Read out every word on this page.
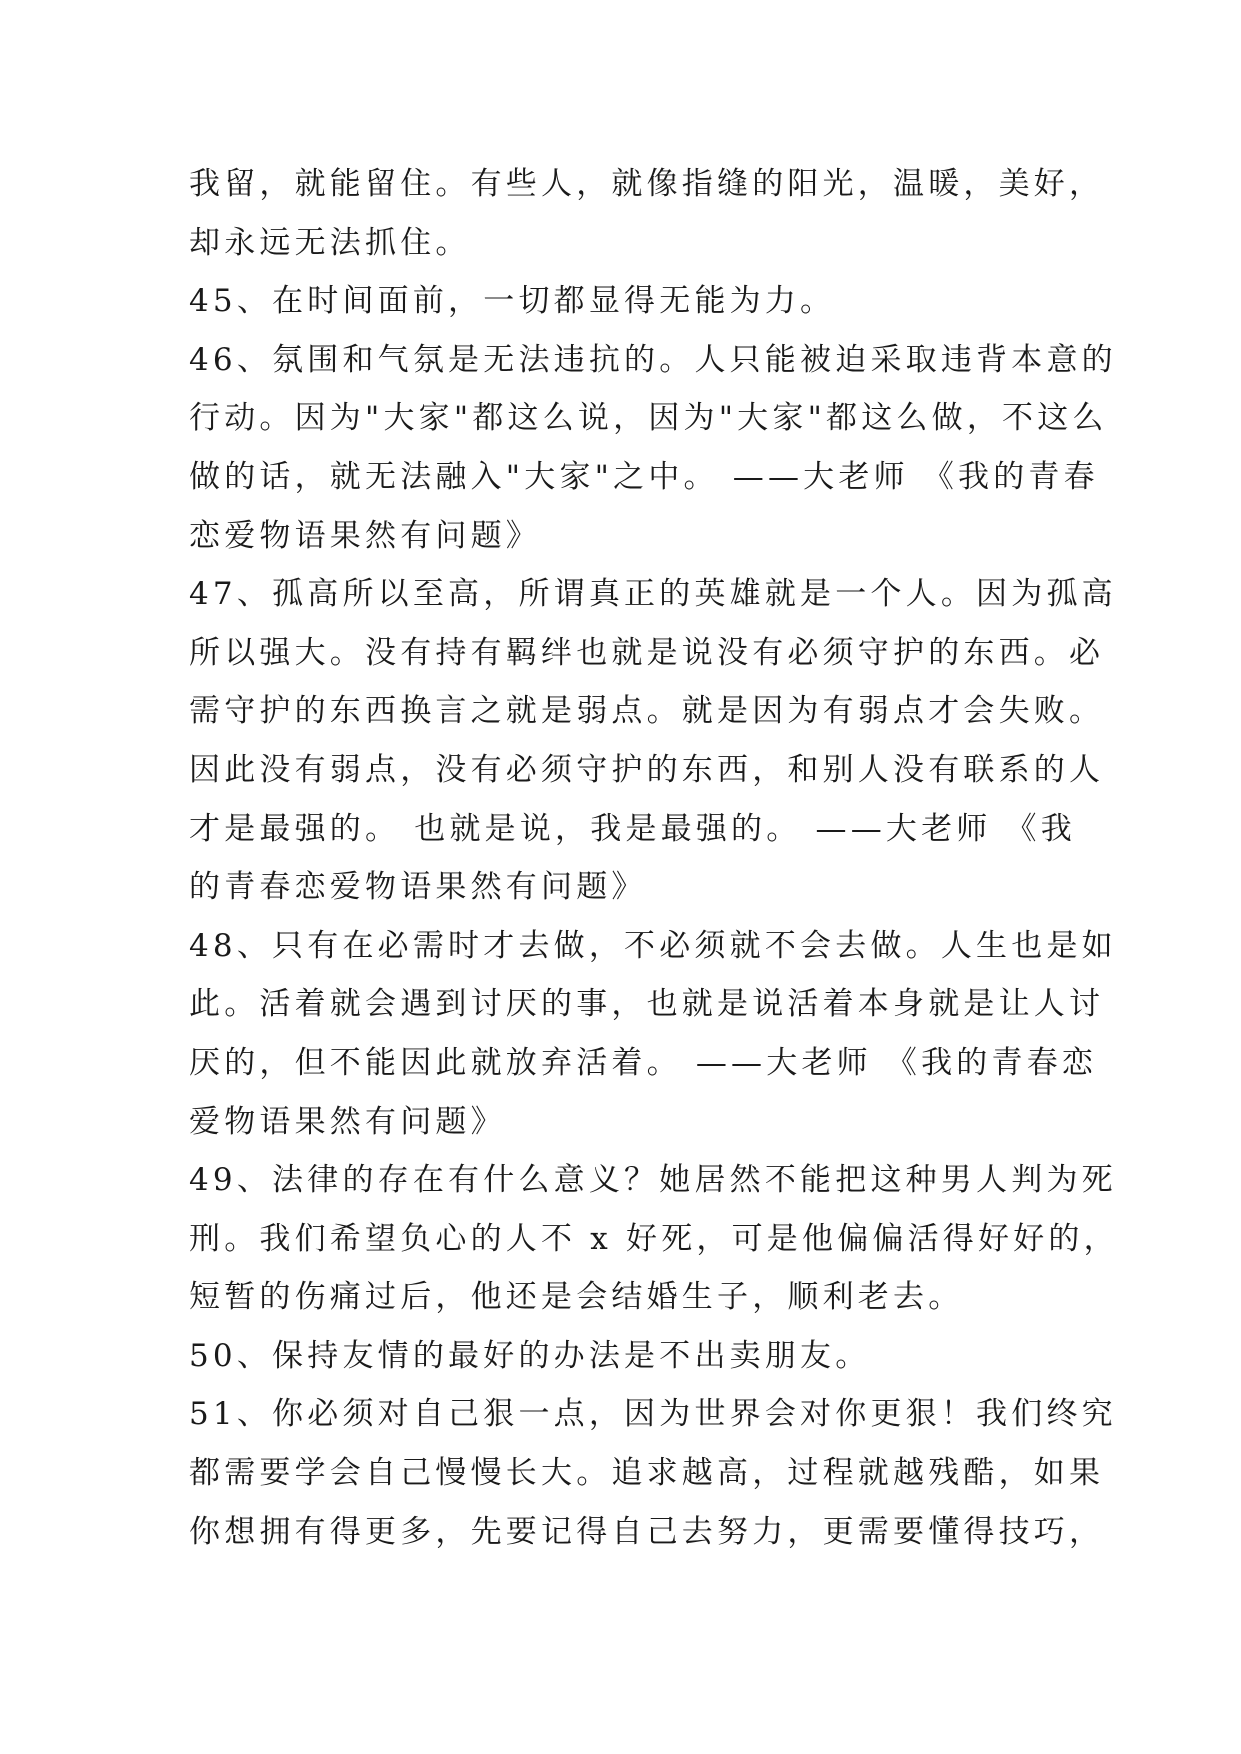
我留，就能留住。有些人，就像指缝的阳光，温暖，美好，
却永远无法抓住。
45、在时间面前，一切都显得无能为力。
46、氛围和气氛是无法违抗的。人只能被迫采取违背本意的
行动。因为"大家"都这么说，因为"大家"都这么做，不这么
做的话，就无法融入"大家"之中。 ——大老师 《我的青春
恋爱物语果然有问题》
47、孤高所以至高，所谓真正的英雄就是一个人。因为孤高
所以强大。没有持有羁绊也就是说没有必须守护的东西。必
需守护的东西换言之就是弱点。就是因为有弱点才会失败。
因此没有弱点，没有必须守护的东西，和别人没有联系的人
才是最强的。 也就是说，我是最强的。 ——大老师 《我
的青春恋爱物语果然有问题》
48、只有在必需时才去做，不必须就不会去做。人生也是如
此。活着就会遇到讨厌的事，也就是说活着本身就是让人讨
厌的，但不能因此就放弃活着。 ——大老师 《我的青春恋
爱物语果然有问题》
49、法律的存在有什么意义？她居然不能把这种男人判为死
刑。我们希望负心的人不 x 好死，可是他偏偏活得好好的，
短暂的伤痛过后，他还是会结婚生子，顺利老去。
50、保持友情的最好的办法是不出卖朋友。
51、你必须对自己狠一点，因为世界会对你更狠！我们终究
都需要学会自己慢慢长大。追求越高，过程就越残酷，如果
你想拥有得更多，先要记得自己去努力，更需要懂得技巧，
